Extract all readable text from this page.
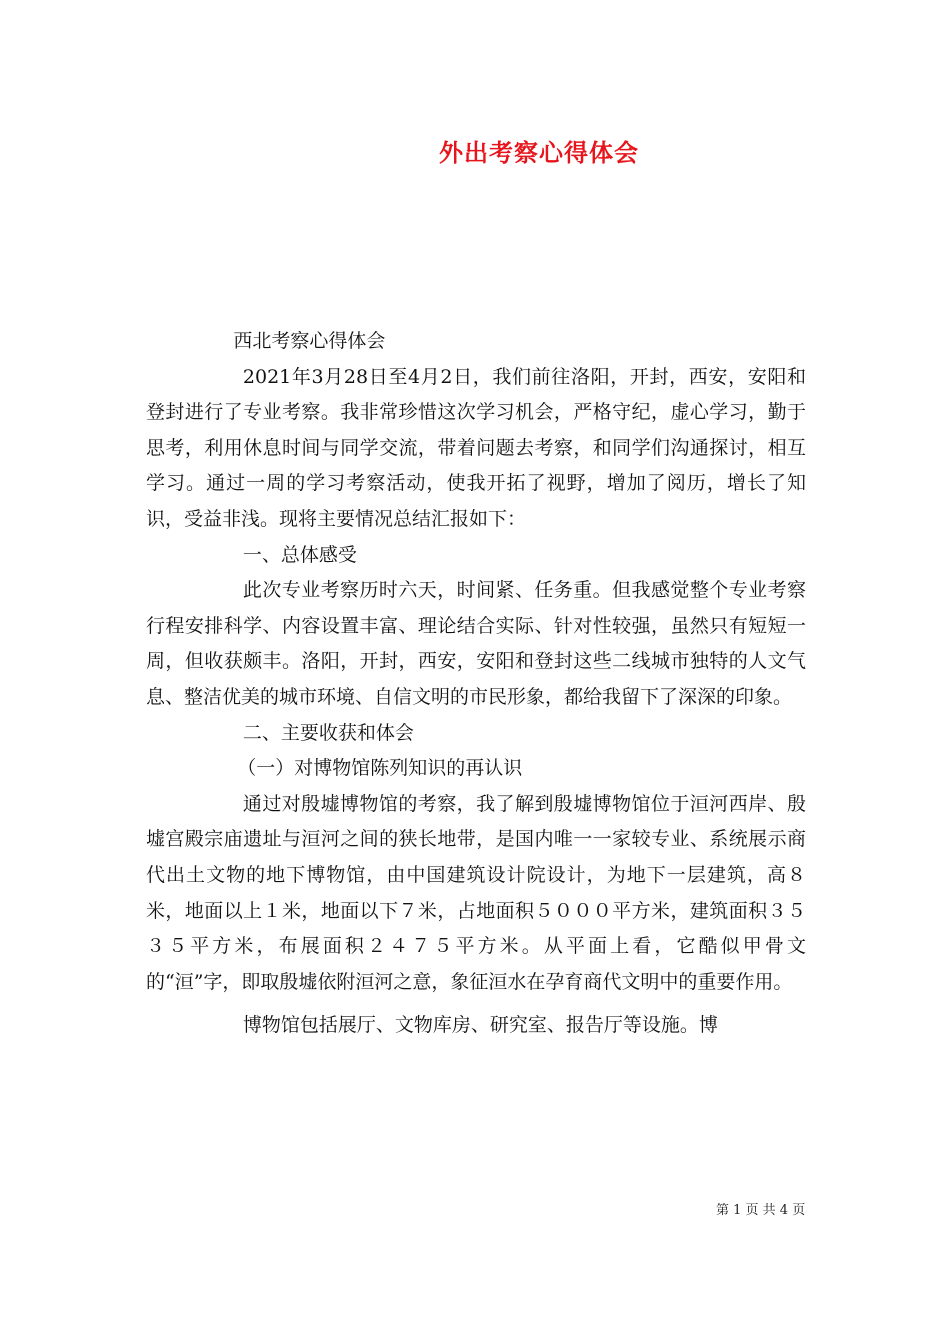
外出考察心得体会

西北考察心得体会

2021年3月28日至4月2日，我们前往洛阳，开封，西安，安阳和登封进行了专业考察。我非常珍惜这次学习机会，严格守纪，虚心学习，勤于思考，利用休息时间与同学交流，带着问题去考察，和同学们沟通探讨，相互学习。通过一周的学习考察活动，使我开拓了视野，增加了阅历，增长了知识，受益非浅。现将主要情况总结汇报如下：

一、总体感受

此次专业考察历时六天，时间紧、任务重。但我感觉整个专业考察行程安排科学、内容设置丰富、理论结合实际、针对性较强，虽然只有短短一周，但收获颇丰。洛阳，开封，西安，安阳和登封这些二线城市独特的人文气息、整洁优美的城市环境、自信文明的市民形象，都给我留下了深深的印象。

二、主要收获和体会

（一）对博物馆陈列知识的再认识

通过对殷墟博物馆的考察，我了解到殷墟博物馆位于洹河西岸、殷墟宫殿宗庙遗址与洹河之间的狭长地带，是国内唯一一家较专业、系统展示商代出土文物的地下博物馆，由中国建筑设计院设计，为地下一层建筑，高８米，地面以上１米，地面以下７米，占地面积５０００平方米，建筑面积３５３５平方米，布展面积２４７５平方米。从平面上看，它酷似甲骨文的“洹”字，即取殷墟依附洹河之意，象征洹水在孕育商代文明中的重要作用。

博物馆包括展厅、文物库房、研究室、报告厅等设施。博

第 1 页 共 4 页
